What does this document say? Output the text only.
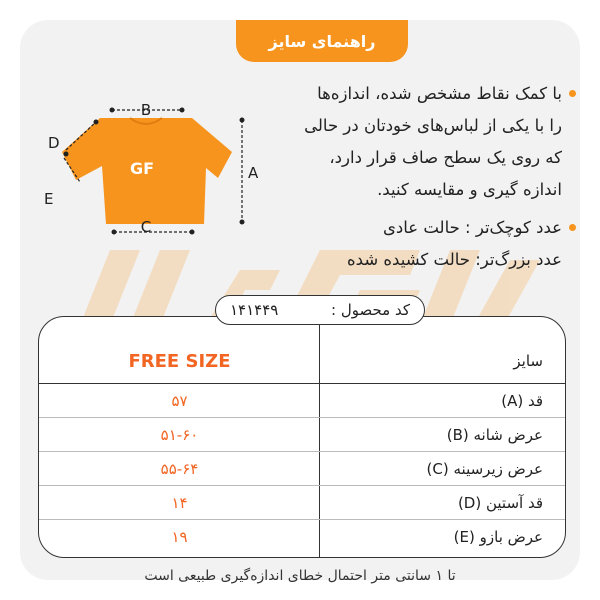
راهنمای سایز
GF
B
A
C
D
E

با کمک نقاط مشخص شده، اندازه‌ها

را با یکی از لباس‌های خودتان در حالی

که روی یک سطح صاف قرار دارد،

اندازه گیری و مقایسه کنید.

عدد کوچک‌تر : حالت عادی

عدد بزرگ‌تر: حالت کشیده شده

سایز
FREE SIZE
قد (A)
۵۷
عرض شانه (B)
۵۱-۶۰
عرض زیرسینه (C)
۵۵-۶۴
قد آستین (D)
۱۴
عرض بازو (E)
۱۹
کد محصول :
۱۴۱۴۴۹
تا ۱ سانتی متر احتمال خطای اندازه‌گیری طبیعی است
